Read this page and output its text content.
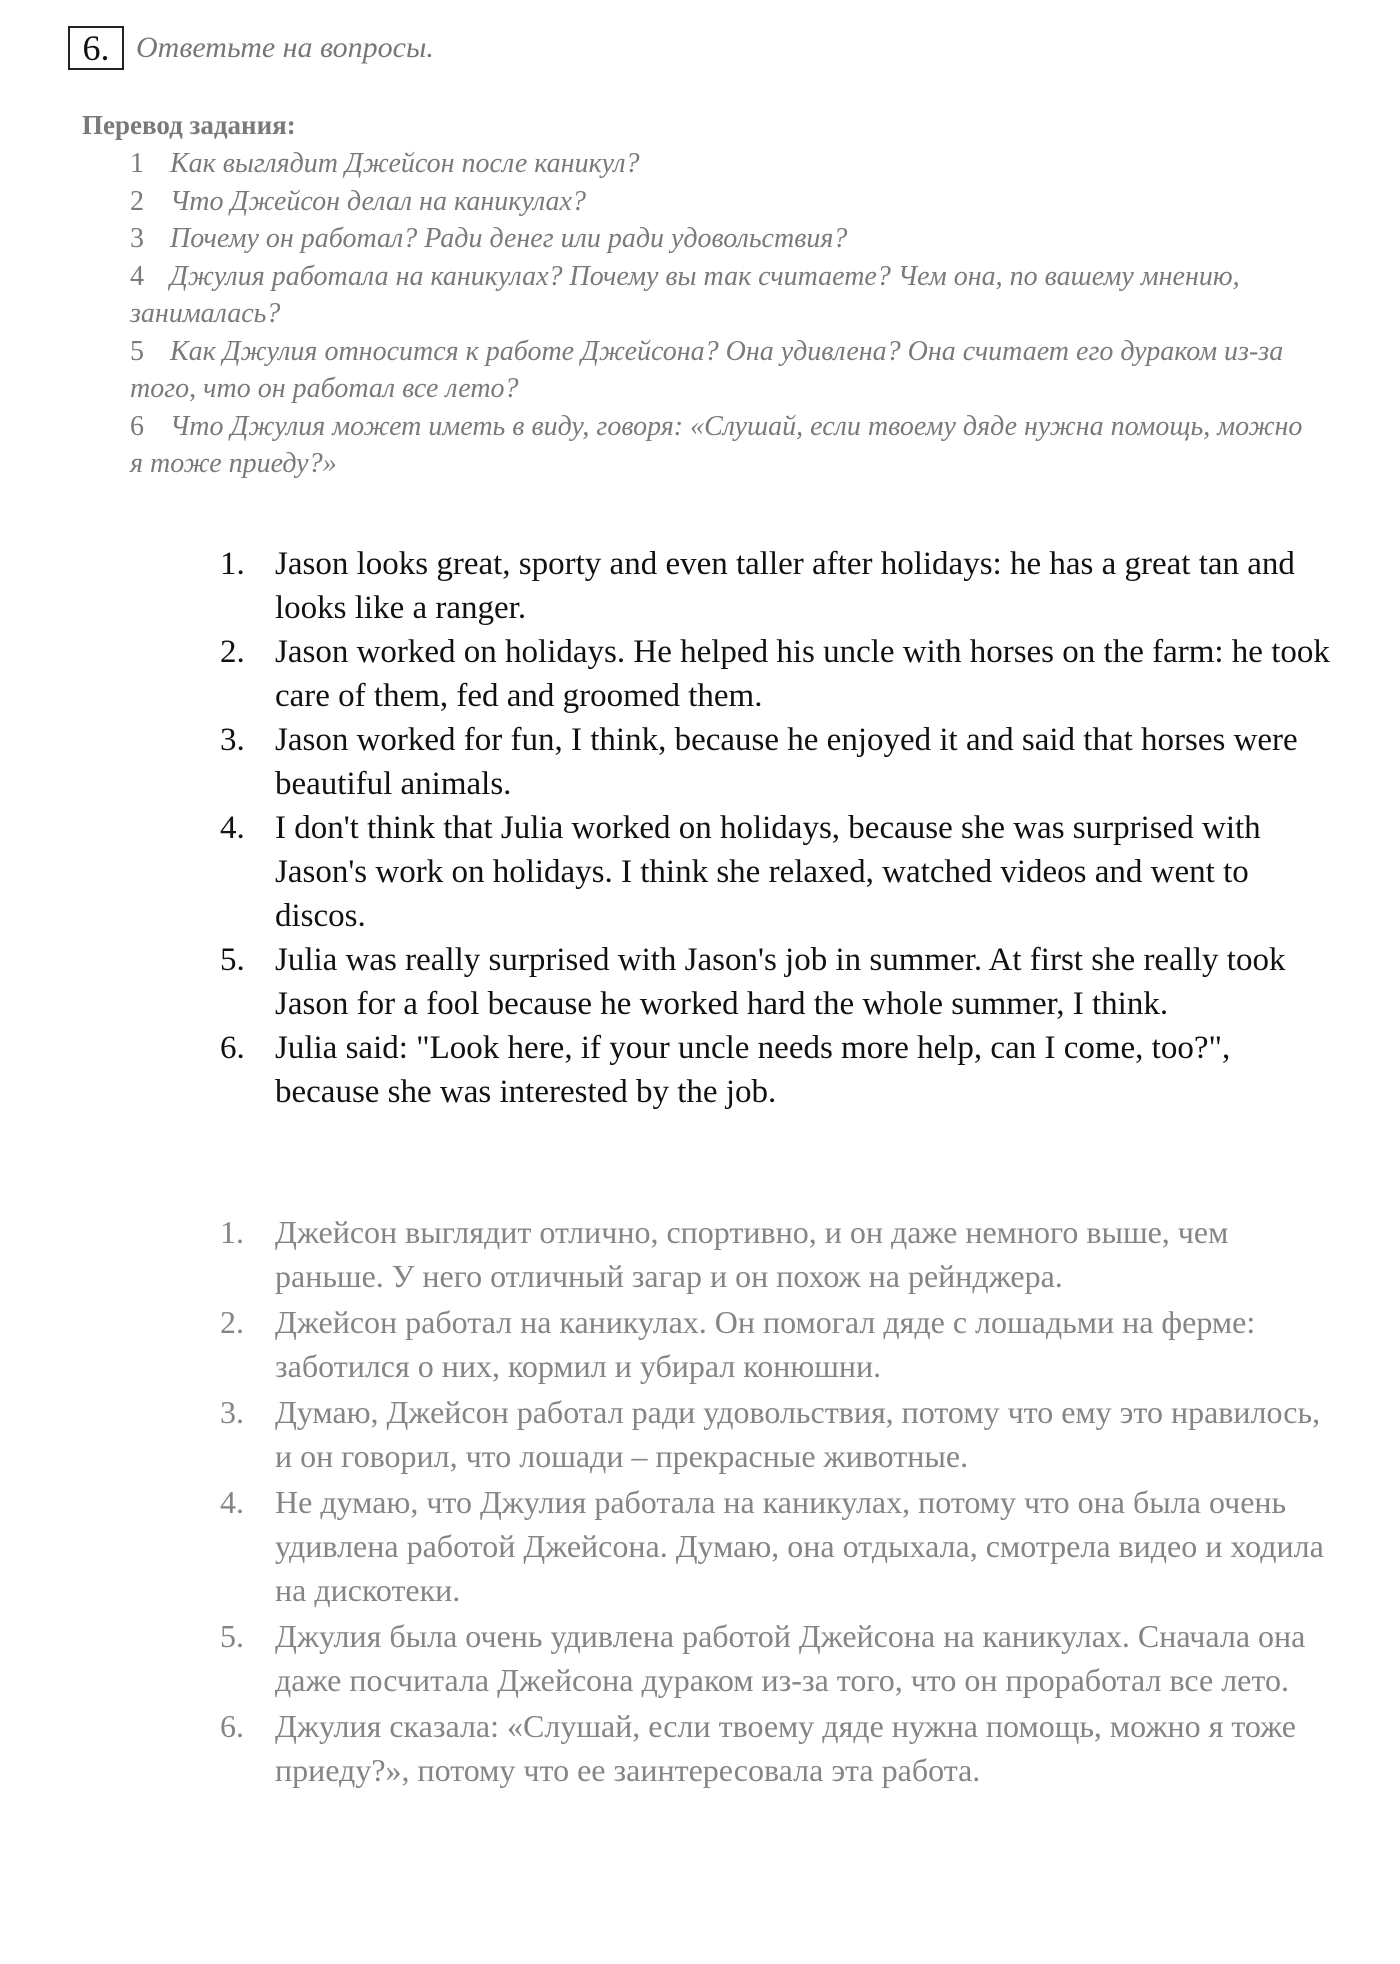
6. Ответьте на вопросы.
Перевод задания:
1 Как выглядит Джейсон после каникул?
2 Что Джейсон делал на каникулах?
3 Почему он работал? Ради денег или ради удовольствия?
4 Джулия работала на каникулах? Почему вы так считаете? Чем она, по вашему мнению, занималась?
5 Как Джулия относится к работе Джейсона? Она удивлена? Она считает его дураком из-за того, что он работал все лето?
6 Что Джулия может иметь в виду, говоря: «Слушай, если твоему дяде нужна помощь, можно я тоже приеду?»
1. Jason looks great, sporty and even taller after holidays: he has a great tan and looks like a ranger.
2. Jason worked on holidays. He helped his uncle with horses on the farm: he took care of them, fed and groomed them.
3. Jason worked for fun, I think, because he enjoyed it and said that horses were beautiful animals.
4. I don't think that Julia worked on holidays, because she was surprised with Jason's work on holidays. I think she relaxed, watched videos and went to discos.
5. Julia was really surprised with Jason's job in summer. At first she really took Jason for a fool because he worked hard the whole summer, I think.
6. Julia said: "Look here, if your uncle needs more help, can I come, too?", because she was interested by the job.
1. Джейсон выглядит отлично, спортивно, и он даже немного выше, чем раньше. У него отличный загар и он похож на рейнджера.
2. Джейсон работал на каникулах. Он помогал дяде с лошадьми на ферме: заботился о них, кормил и убирал конюшни.
3. Думаю, Джейсон работал ради удовольствия, потому что ему это нравилось, и он говорил, что лошади – прекрасные животные.
4. Не думаю, что Джулия работала на каникулах, потому что она была очень удивлена работой Джейсона. Думаю, она отдыхала, смотрела видео и ходила на дискотеки.
5. Джулия была очень удивлена работой Джейсона на каникулах. Сначала она даже посчитала Джейсона дураком из-за того, что он проработал все лето.
6. Джулия сказала: «Слушай, если твоему дяде нужна помощь, можно я тоже приеду?», потому что ее заинтересовала эта работа.
